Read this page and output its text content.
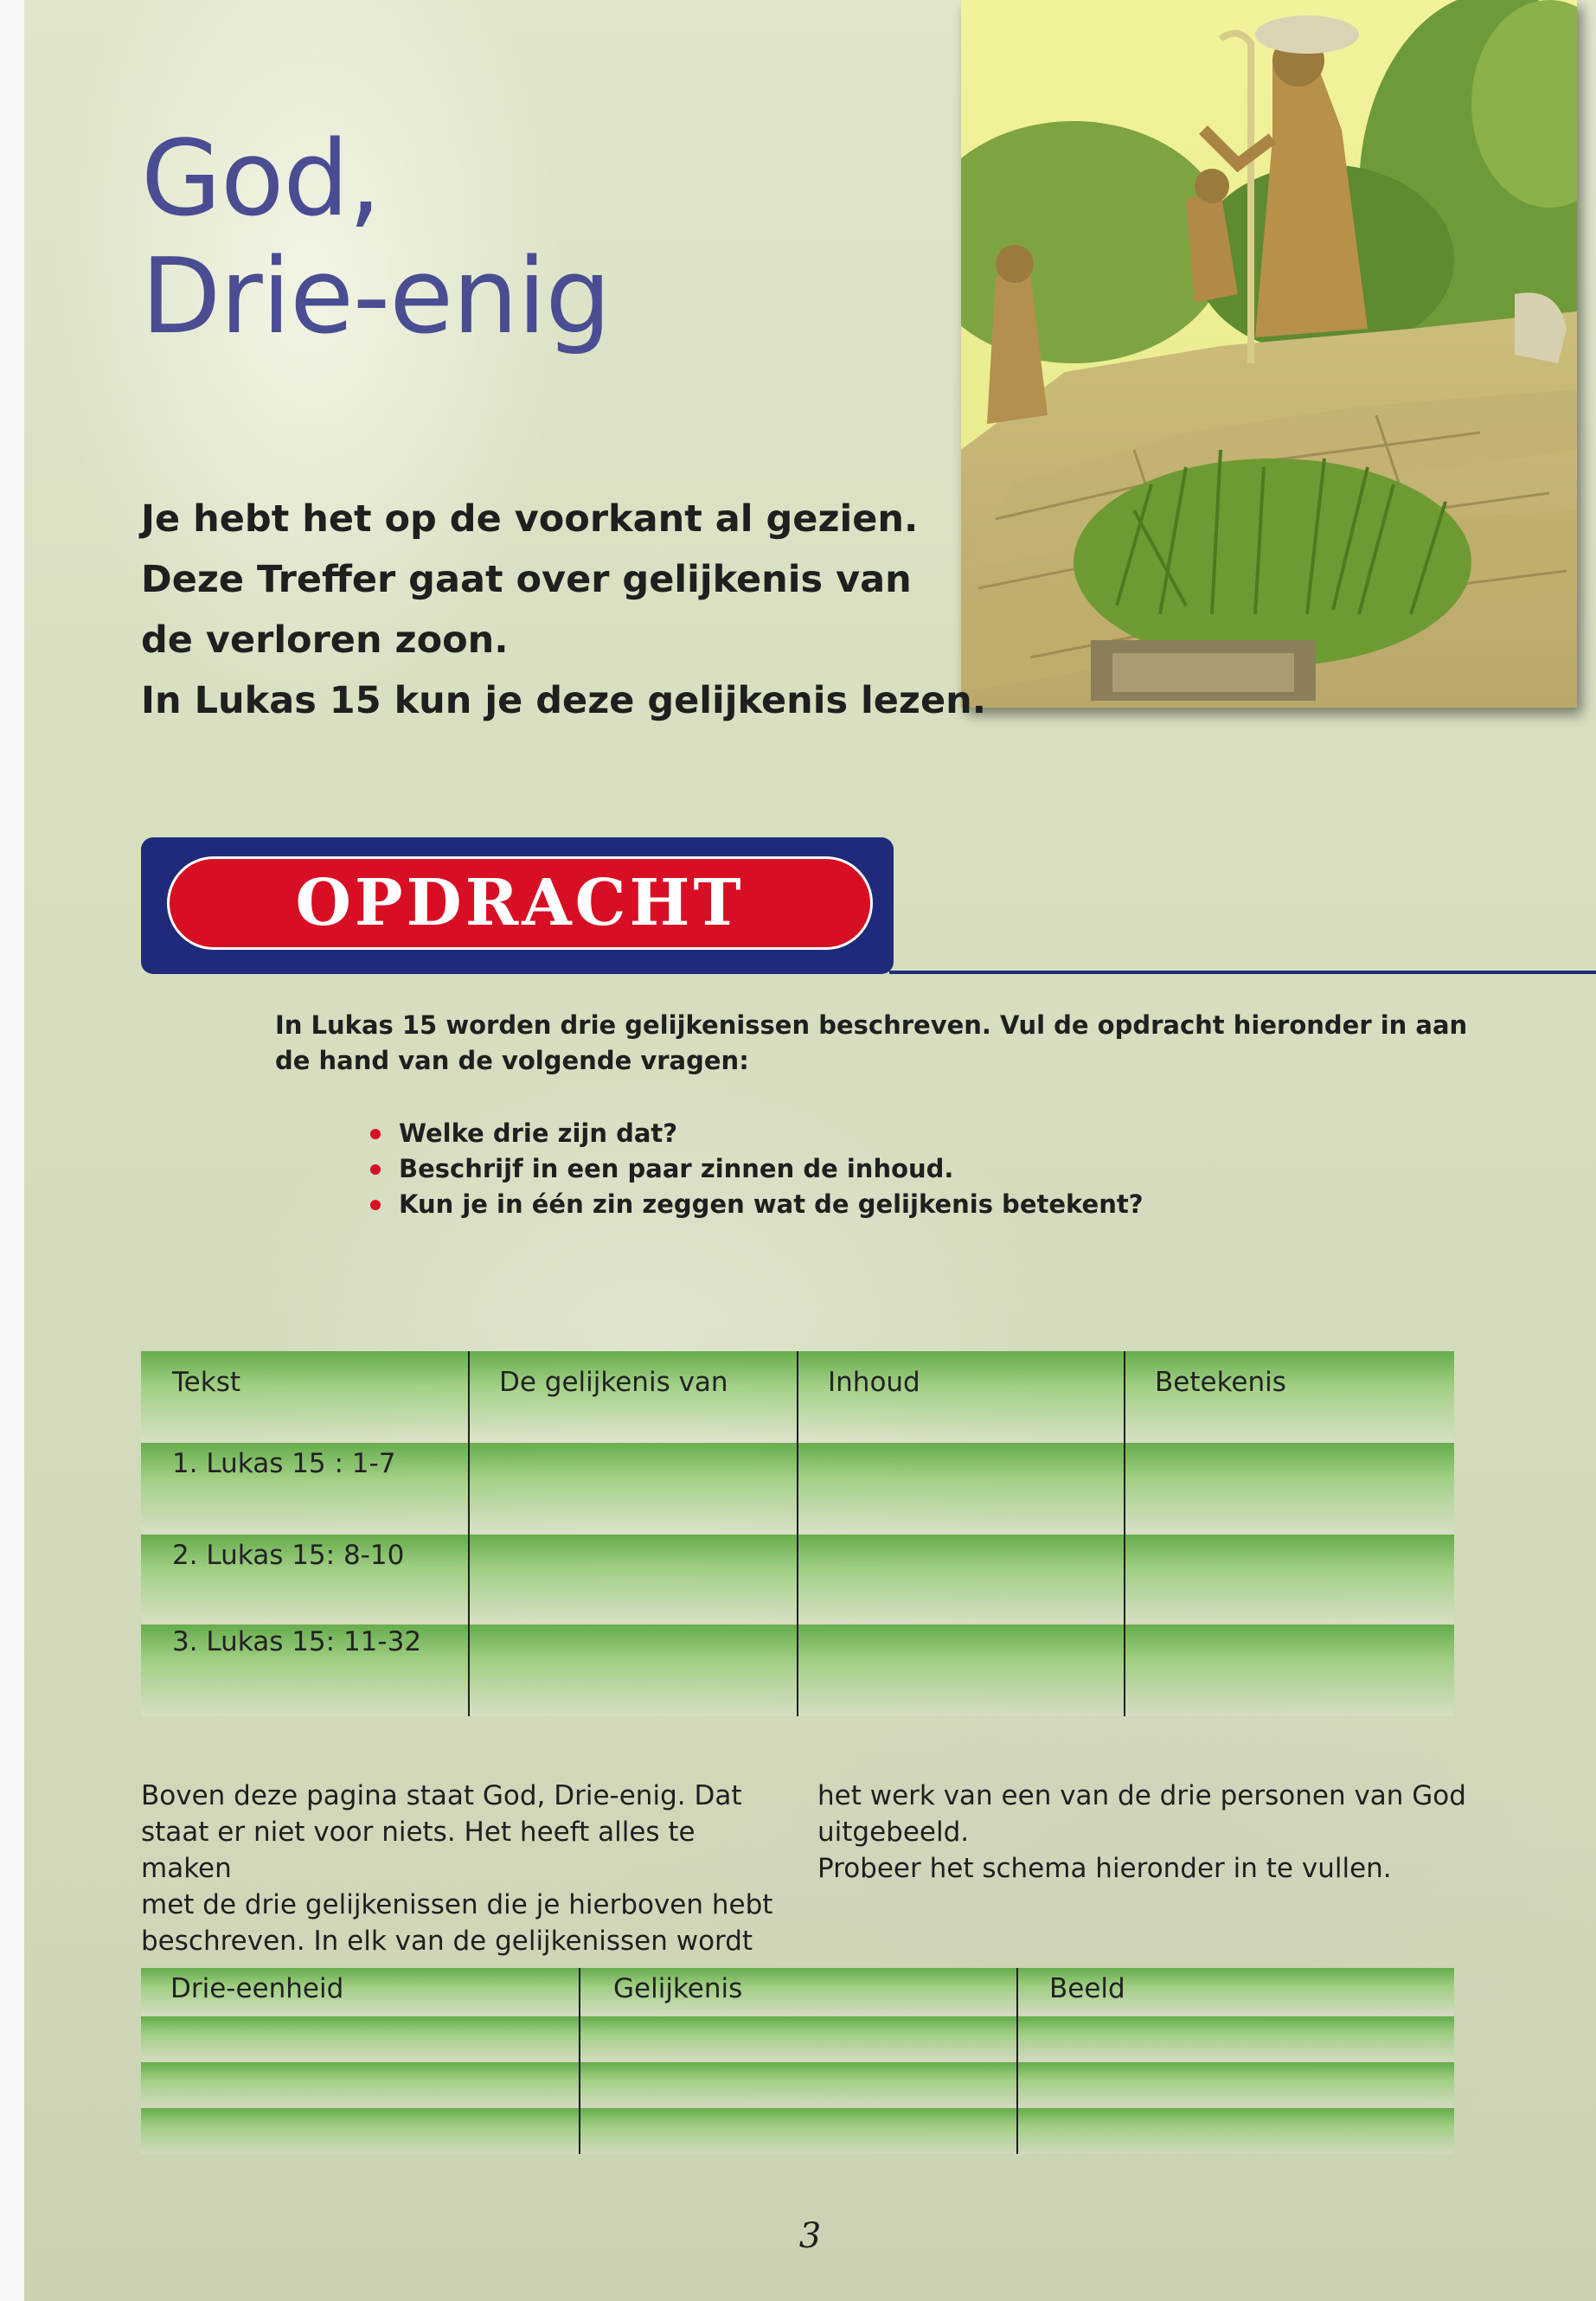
God,
Drie-enig
Je hebt het op de voorkant al gezien.
Deze Treffer gaat over gelijkenis van
de verloren zoon.
In Lukas 15 kun je deze gelijkenis lezen.
OPDRACHT
In Lukas 15 worden drie gelijkenissen beschreven. Vul de opdracht hieronder in aan de hand van de volgende vragen:
Welke drie zijn dat?
Beschrijf in een paar zinnen de inhoud.
Kun je in één zin zeggen wat de gelijkenis betekent?
Tekst	De gelijkenis van	Inhoud	Betekenis
1. Lukas 15 : 1-7
2. Lukas 15: 8-10
3. Lukas 15: 11-32
Boven deze pagina staat God, Drie-enig. Dat
staat er niet voor niets. Het heeft alles te maken
met de drie gelijkenissen die je hierboven hebt
beschreven. In elk van de gelijkenissen wordt
het werk van een van de drie personen van God
uitgebeeld.
Probeer het schema hieronder in te vullen.
Drie-eenheid	Gelijkenis	Beeld
3
